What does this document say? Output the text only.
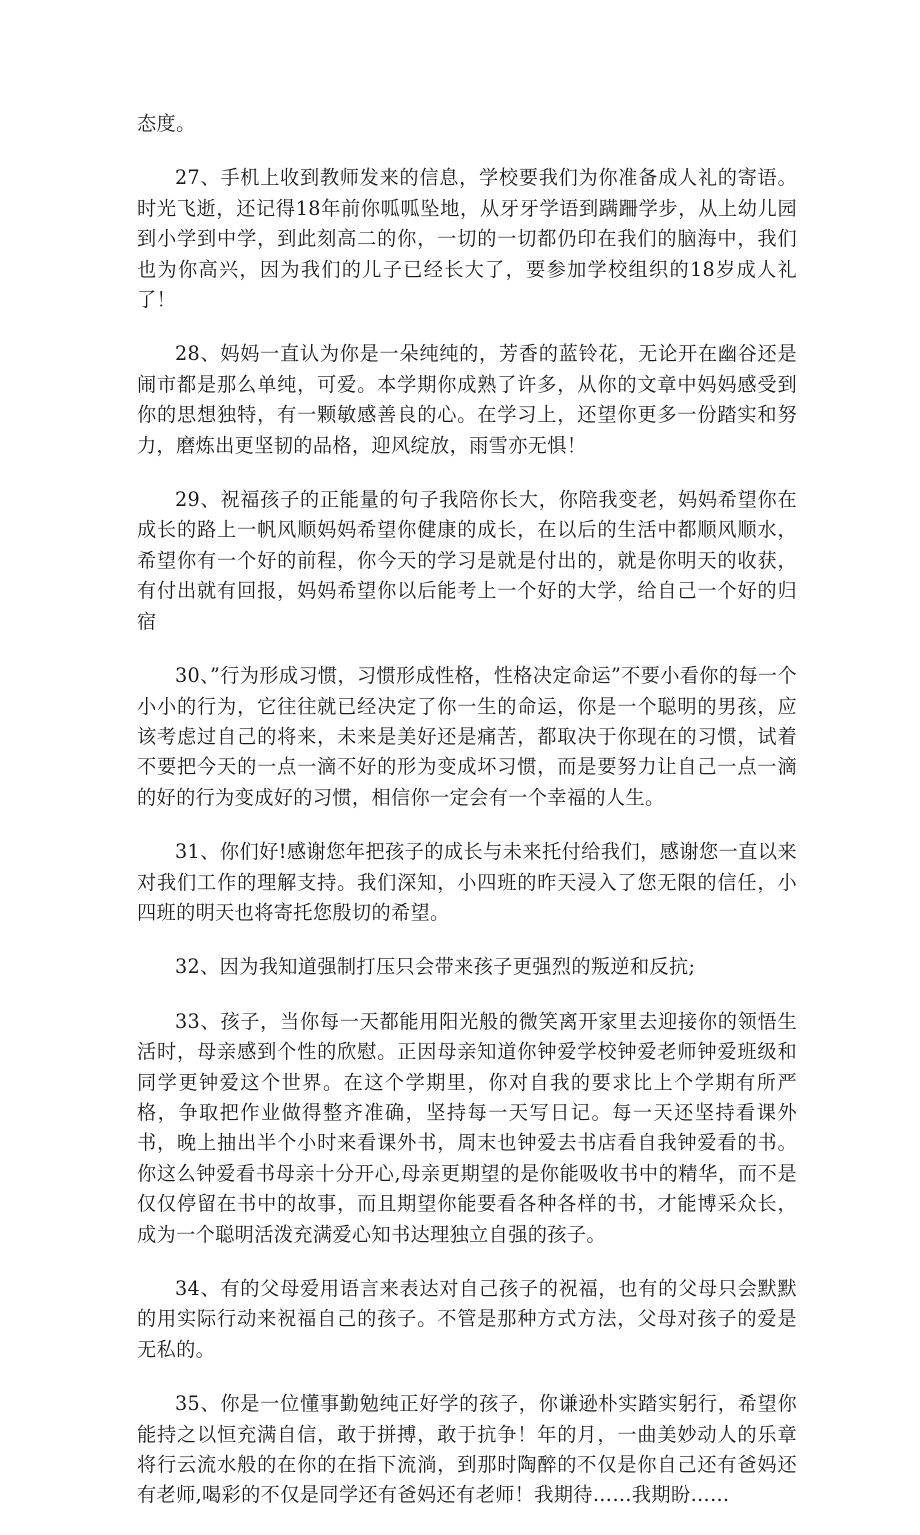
态度。

27、手机上收到教师发来的信息，学校要我们为你准备成人礼的寄语。时光飞逝，还记得18年前你呱呱坠地，从牙牙学语到蹒跚学步，从上幼儿园到小学到中学，到此刻高二的你，一切的一切都仍印在我们的脑海中，我们也为你高兴，因为我们的儿子已经长大了，要参加学校组织的18岁成人礼了！

28、妈妈一直认为你是一朵纯纯的，芳香的蓝铃花，无论开在幽谷还是闹市都是那么单纯，可爱。本学期你成熟了许多，从你的文章中妈妈感受到你的思想独特，有一颗敏感善良的心。在学习上，还望你更多一份踏实和努力，磨炼出更坚韧的品格，迎风绽放，雨雪亦无惧！

29、祝福孩子的正能量的句子我陪你长大，你陪我变老，妈妈希望你在成长的路上一帆风顺妈妈希望你健康的成长，在以后的生活中都顺风顺水，希望你有一个好的前程，你今天的学习是就是付出的，就是你明天的收获，有付出就有回报，妈妈希望你以后能考上一个好的大学，给自己一个好的归宿

30、”行为形成习惯，习惯形成性格，性格决定命运”不要小看你的每一个小小的行为，它往往就已经决定了你一生的命运，你是一个聪明的男孩，应该考虑过自己的将来，未来是美好还是痛苦，都取决于你现在的习惯，试着不要把今天的一点一滴不好的形为变成坏习惯，而是要努力让自己一点一滴的好的行为变成好的习惯，相信你一定会有一个幸福的人生。

31、你们好!感谢您年把孩子的成长与未来托付给我们，感谢您一直以来对我们工作的理解支持。我们深知，小四班的昨天浸入了您无限的信任，小四班的明天也将寄托您殷切的希望。

32、因为我知道强制打压只会带来孩子更强烈的叛逆和反抗;

33、孩子，当你每一天都能用阳光般的微笑离开家里去迎接你的领悟生活时，母亲感到个性的欣慰。正因母亲知道你钟爱学校钟爱老师钟爱班级和同学更钟爱这个世界。在这个学期里，你对自我的要求比上个学期有所严格，争取把作业做得整齐准确，坚持每一天写日记。每一天还坚持看课外书，晚上抽出半个小时来看课外书，周末也钟爱去书店看自我钟爱看的书。你这么钟爱看书母亲十分开心,母亲更期望的是你能吸收书中的精华，而不是仅仅停留在书中的故事，而且期望你能要看各种各样的书，才能博采众长，成为一个聪明活泼充满爱心知书达理独立自强的孩子。

34、有的父母爱用语言来表达对自己孩子的祝福，也有的父母只会默默的用实际行动来祝福自己的孩子。不管是那种方式方法，父母对孩子的爱是无私的。

35、你是一位懂事勤勉纯正好学的孩子，你谦逊朴实踏实躬行，希望你能持之以恒充满自信，敢于拼搏，敢于抗争！年的月，一曲美妙动人的乐章将行云流水般的在你的在指下流淌，到那时陶醉的不仅是你自己还有爸妈还有老师,喝彩的不仅是同学还有爸妈还有老师！我期待……我期盼……
